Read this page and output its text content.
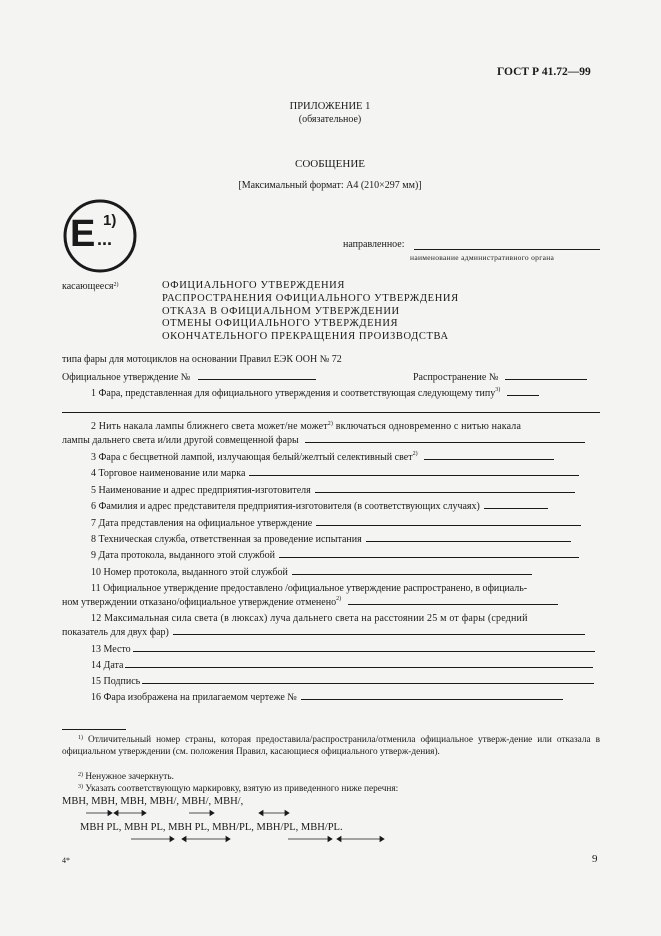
ГОСТ Р 41.72—99
ПРИЛОЖЕНИЕ 1
(обязательное)
СООБЩЕНИЕ
[Максимальный формат: А4 (210×297 мм)]
E ...
1)
направленное:
наименование административного органа
касающееся$^{2)}$	ОФИЦИАЛЬНОГО УТВЕРЖДЕНИЯ
РАСПРОСТРАНЕНИЯ ОФИЦИАЛЬНОГО УТВЕРЖДЕНИЯ
ОТКАЗА В ОФИЦИАЛЬНОМ УТВЕРЖДЕНИИ
ОТМЕНЫ ОФИЦИАЛЬНОГО УТВЕРЖДЕНИЯ
ОКОНЧАТЕЛЬНОГО ПРЕКРАЩЕНИЯ ПРОИЗВОДСТВА
типа фары для мотоциклов на основании Правил ЕЭК ООН № 72
Официальное утверждение №	Распространение №
1 Фара, представленная для официального утверждения и соответствующая следующему типу$^{3)}$
2 Нить накала лампы ближнего света может/не может$^{2)}$ включаться одновременно с нитью накала
лампы дальнего света и/или другой совмещенной фары
3 Фара с бесцветной лампой, излучающая белый/желтый селективный свет$^{2)}$
4 Торговое наименование или марка
5 Наименование и адрес предприятия-изготовителя
6 Фамилия и адрес представителя предприятия-изготовителя (в соответствующих случаях)
7 Дата представления на официальное утверждение
8 Техническая служба, ответственная за проведение испытания
9 Дата протокола, выданного этой службой
10 Номер протокола, выданного этой службой
11 Официальное утверждение предоставлено /официальное утверждение распространено, в официаль-
ном утверждении отказано/официальное утверждение отменено$^{2)}$
12 Максимальная сила света (в люксах) луча дальнего света на расстоянии 25 м от фары (средний
показатель для двух фар)
13 Место
14 Дата
15 Подпись
16 Фара изображена на прилагаемом чертеже №
$^{1)}$ Отличительный номер страны, которая предоставила/распространила/отменила официальное утверж-дение или отказала в официальном утверждении (см. положения Правил, касающиеся официального утверж-дения).
$^{2)}$ Ненужное зачеркнуть.
$^{3)}$ Указать соответствующую маркировку, взятую из приведенного ниже перечня:
MBH, MBH, MBH, MBH/, MBH/, MBH/,
MBH PL, MBH PL, MBH PL, MBH/PL, MBH/PL, MBH/PL.
4*	9
